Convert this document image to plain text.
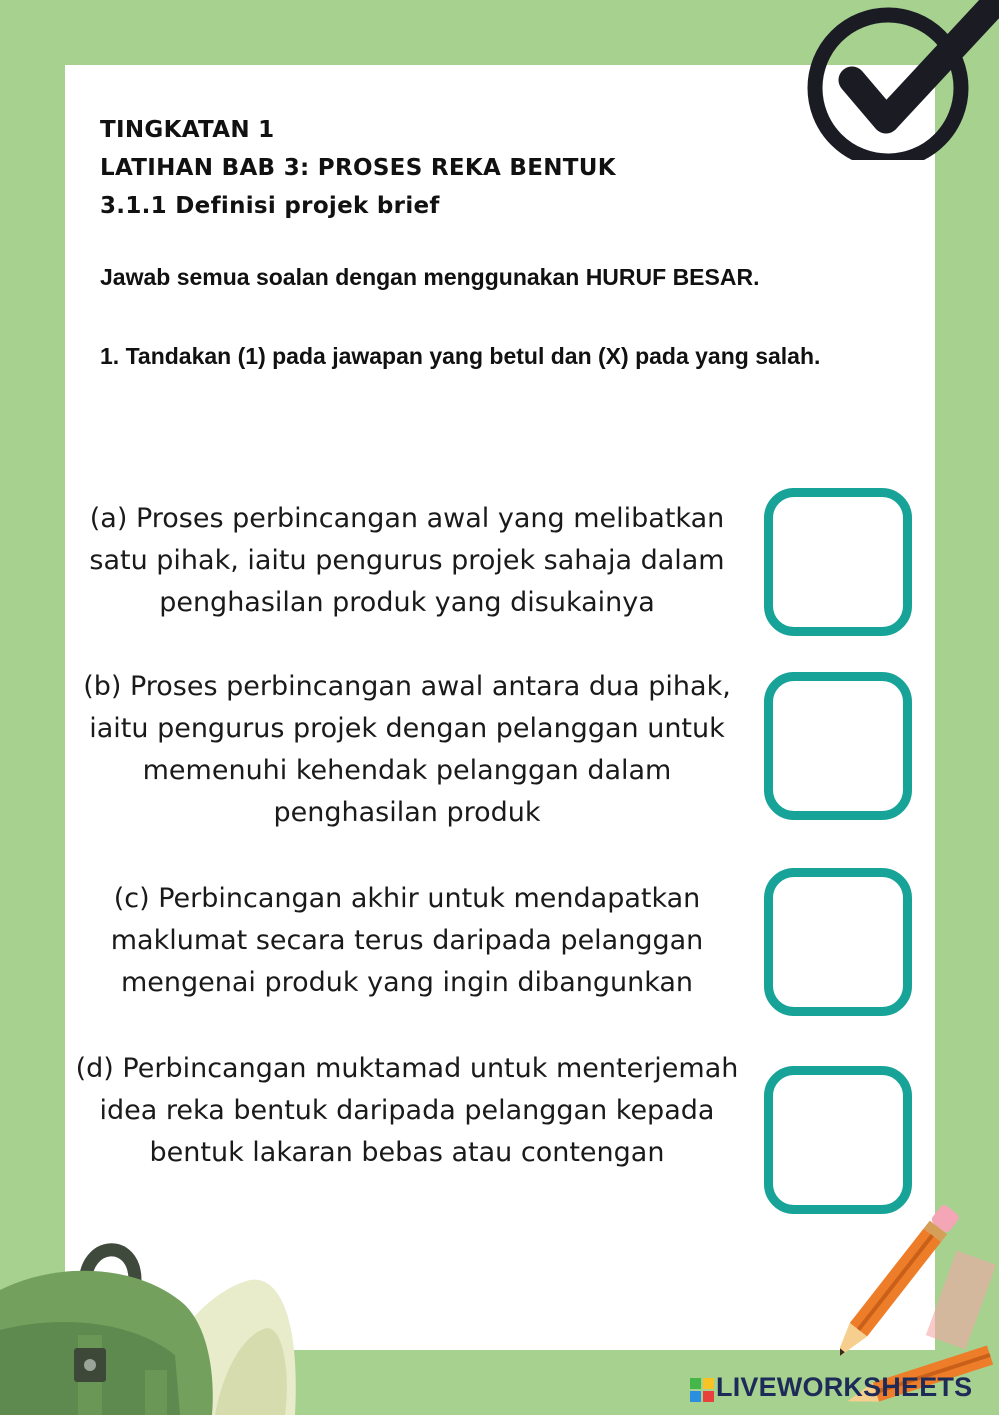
TINGKATAN 1
LATIHAN BAB 3: PROSES REKA BENTUK
3.1.1 Definisi projek brief
Jawab semua soalan dengan menggunakan HURUF BESAR.
1. Tandakan (1) pada jawapan yang betul dan (X) pada yang salah.
(a) Proses perbincangan awal yang melibatkan satu pihak, iaitu pengurus projek sahaja dalam penghasilan produk yang disukainya
(b) Proses perbincangan awal antara dua pihak, iaitu pengurus projek dengan pelanggan untuk memenuhi kehendak pelanggan dalam penghasilan produk
(c) Perbincangan akhir untuk mendapatkan maklumat secara terus daripada pelanggan mengenai produk yang ingin dibangunkan
(d) Perbincangan muktamad untuk menterjemah idea reka bentuk daripada pelanggan kepada bentuk lakaran bebas atau contengan
LIVEWORKSHEETS
